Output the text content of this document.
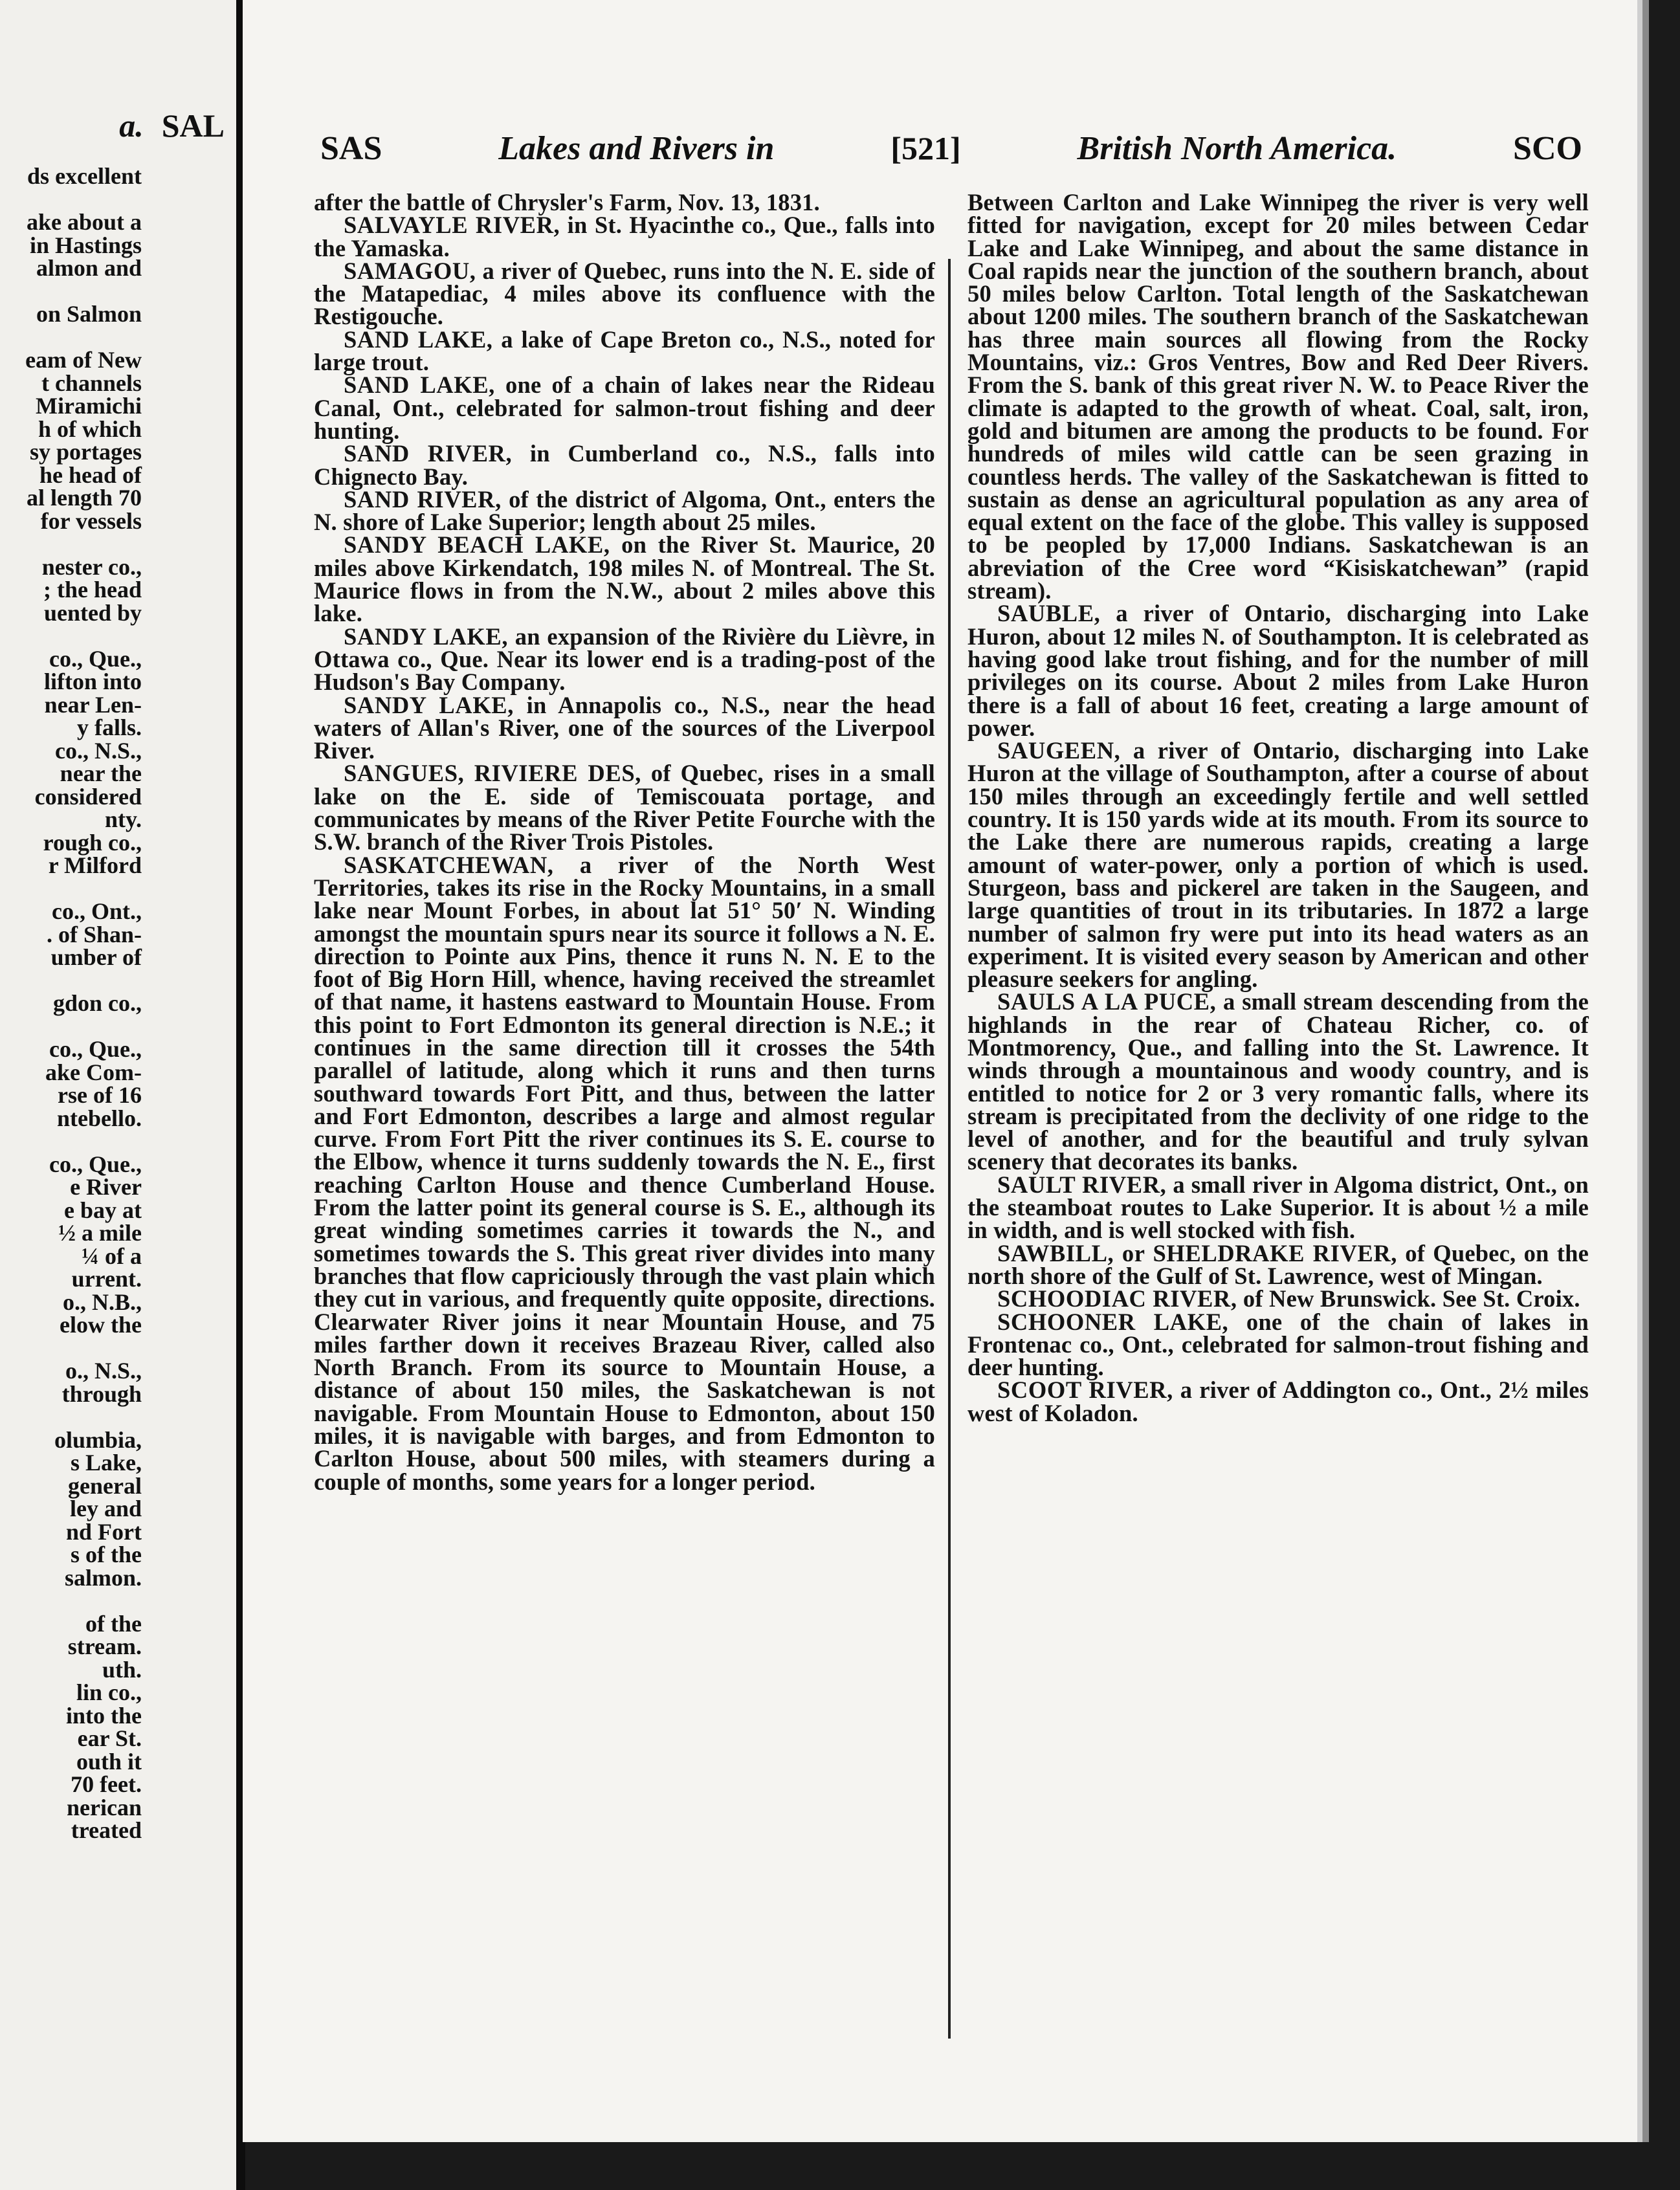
a. SAL
ds excellent
ake about a
in Hastings
almon and
on Salmon
eam of New
t channels
Miramichi
h of which
sy portages
he head of
al length 70
for vessels
nester co.,
; the head
uented by
co., Que.,
lifton into
near Len-
y falls.
co., N.S.,
near the
considered
nty.
rough co.,
r Milford
co., Ont.,
. of Shan-
umber of
gdon co.,
co., Que.,
ake Com-
rse of 16
ntebello.
co., Que.,
e River
e bay at
½ a mile
¼ of a
urrent.
o., N.B.,
elow the
o., N.S.,
through
olumbia,
s Lake,
general
ley and
nd Fort
s of the
salmon.
of the
stream.
uth.
lin co.,
into the
ear St.
outh it
70 feet.
nerican
treated
SAS	Lakes and Rivers in	[521]	British North America.	SCO

after the battle of Chrysler's Farm, Nov. 13, 1831.

SALVAYLE RIVER, in St. Hyacinthe co., Que., falls into the Yamaska.

SAMAGOU, a river of Quebec, runs into the N. E. side of the Matapediac, 4 miles above its confluence with the Restigouche.

SAND LAKE, a lake of Cape Breton co., N.S., noted for large trout.

SAND LAKE, one of a chain of lakes near the Rideau Canal, Ont., celebrated for salmon-trout fishing and deer hunting.

SAND RIVER, in Cumberland co., N.S., falls into Chignecto Bay.

SAND RIVER, of the district of Algoma, Ont., enters the N. shore of Lake Superior; length about 25 miles.

SANDY BEACH LAKE, on the River St. Maurice, 20 miles above Kirkendatch, 198 miles N. of Montreal. The St. Maurice flows in from the N.W., about 2 miles above this lake.

SANDY LAKE, an expansion of the Rivière du Lièvre, in Ottawa co., Que. Near its lower end is a trading-post of the Hudson's Bay Company.

SANDY LAKE, in Annapolis co., N.S., near the head waters of Allan's River, one of the sources of the Liverpool River.

SANGUES, RIVIERE DES, of Quebec, rises in a small lake on the E. side of Temiscouata portage, and communicates by means of the River Petite Fourche with the S.W. branch of the River Trois Pistoles.

SASKATCHEWAN, a river of the North West Territories, takes its rise in the Rocky Mountains, in a small lake near Mount Forbes, in about lat 51° 50′ N. Winding amongst the mountain spurs near its source it follows a N. E. direction to Pointe aux Pins, thence it runs N. N. E to the foot of Big Horn Hill, whence, having received the streamlet of that name, it hastens eastward to Mountain House. From this point to Fort Edmonton its general direction is N.E.; it continues in the same direction till it crosses the 54th parallel of latitude, along which it runs and then turns southward towards Fort Pitt, and thus, between the latter and Fort Edmonton, describes a large and almost regular curve. From Fort Pitt the river continues its S. E. course to the Elbow, whence it turns suddenly towards the N. E., first reaching Carlton House and thence Cumberland House. From the latter point its general course is S. E., although its great winding sometimes carries it towards the N., and sometimes towards the S. This great river divides into many branches that flow capriciously through the vast plain which they cut in various, and frequently quite opposite, directions. Clearwater River joins it near Mountain House, and 75 miles farther down it receives Brazeau River, called also North Branch. From its source to Mountain House, a distance of about 150 miles, the Saskatchewan is not navigable. From Mountain House to Edmonton, about 150 miles, it is navigable with barges, and from Edmonton to Carlton House, about 500 miles, with steamers during a couple of months, some years for a longer period.

Between Carlton and Lake Winnipeg the river is very well fitted for navigation, except for 20 miles between Cedar Lake and Lake Winnipeg, and about the same distance in Coal rapids near the junction of the southern branch, about 50 miles below Carlton. Total length of the Saskatchewan about 1200 miles. The southern branch of the Saskatchewan has three main sources all flowing from the Rocky Mountains, viz.: Gros Ventres, Bow and Red Deer Rivers. From the S. bank of this great river N. W. to Peace River the climate is adapted to the growth of wheat. Coal, salt, iron, gold and bitumen are among the products to be found. For hundreds of miles wild cattle can be seen grazing in countless herds. The valley of the Saskatchewan is fitted to sustain as dense an agricultural population as any area of equal extent on the face of the globe. This valley is supposed to be peopled by 17,000 Indians. Saskatchewan is an abreviation of the Cree word “Kisiskatchewan” (rapid stream).

SAUBLE, a river of Ontario, discharging into Lake Huron, about 12 miles N. of Southampton. It is celebrated as having good lake trout fishing, and for the number of mill privileges on its course. About 2 miles from Lake Huron there is a fall of about 16 feet, creating a large amount of power.

SAUGEEN, a river of Ontario, discharging into Lake Huron at the village of Southampton, after a course of about 150 miles through an exceedingly fertile and well settled country. It is 150 yards wide at its mouth. From its source to the Lake there are numerous rapids, creating a large amount of water-power, only a portion of which is used. Sturgeon, bass and pickerel are taken in the Saugeen, and large quantities of trout in its tributaries. In 1872 a large number of salmon fry were put into its head waters as an experiment. It is visited every season by American and other pleasure seekers for angling.

SAULS A LA PUCE, a small stream descending from the highlands in the rear of Chateau Richer, co. of Montmorency, Que., and falling into the St. Lawrence. It winds through a mountainous and woody country, and is entitled to notice for 2 or 3 very romantic falls, where its stream is precipitated from the declivity of one ridge to the level of another, and for the beautiful and truly sylvan scenery that decorates its banks.

SAULT RIVER, a small river in Algoma district, Ont., on the steamboat routes to Lake Superior. It is about ½ a mile in width, and is well stocked with fish.

SAWBILL, or SHELDRAKE RIVER, of Quebec, on the north shore of the Gulf of St. Lawrence, west of Mingan.

SCHOODIAC RIVER, of New Brunswick. See St. Croix.

SCHOONER LAKE, one of the chain of lakes in Frontenac co., Ont., celebrated for salmon-trout fishing and deer hunting.

SCOOT RIVER, a river of Addington co., Ont., 2½ miles west of Koladon.
